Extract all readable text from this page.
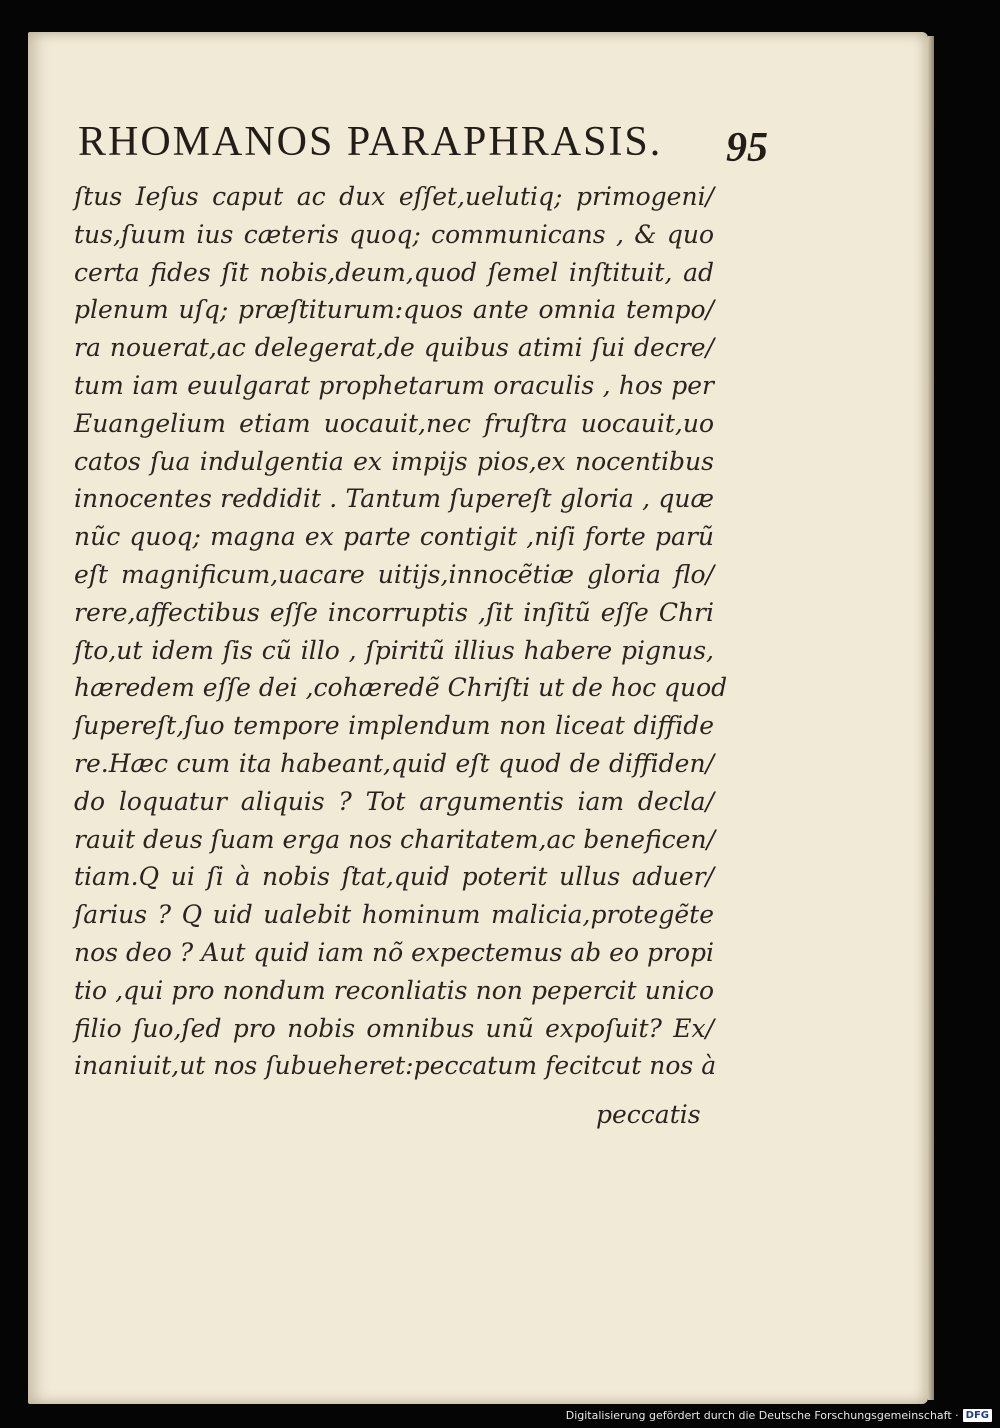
RHOMANOS PARAPHRASIS.	95
ſtus Ieſus caput ac dux eſſet,uelutiq; primogeni/
tus,ſuum ius cæteris quoq; communicans , & quo
certa fides ſit nobis,deum,quod ſemel inſtituit, ad
plenum uſq; præſtiturum:quos ante omnia tempo/
ra nouerat,ac delegerat,de quibus atimi ſui decre/
tum iam euulgarat prophetarum oraculis , hos per
Euangelium etiam uocauit,nec fruſtra uocauit,uo
catos ſua indulgentia ex impijs pios,ex nocentibus
innocentes reddidit . Tantum ſupereſt gloria , quæ
nũc quoq; magna ex parte contigit ,niſi forte parũ
eſt magnificum,uacare uitijs,innocẽtiæ gloria flo/
rere,affectibus eſſe incorruptis ,ſit inſitũ eſſe Chri
ſto,ut idem ſis cũ illo , ſpiritũ illius habere pignus,
hæredem eſſe dei ,cohæredẽ Chriſti ut de hoc quod
ſupereſt,ſuo tempore implendum non liceat diffide
re.Hæc cum ita habeant,quid eſt quod de diffiden/
do loquatur aliquis ? Tot argumentis iam decla/
rauit deus ſuam erga nos charitatem,ac beneficen/
tiam.Q ui ſi à nobis ſtat,quid poterit ullus aduer/
ſarius ? Q uid ualebit hominum malicia,protegẽte
nos deo ? Aut quid iam nõ expectemus ab eo propi
tio ,qui pro nondum reconliatis non pepercit unico
filio ſuo,ſed pro nobis omnibus unũ expoſuit? Ex/
inaniuit,ut nos ſubueheret:peccatum fecitcut nos à
peccatis
Digitalisierung gefördert durch die Deutsche Forschungsgemeinschaft · DFG
